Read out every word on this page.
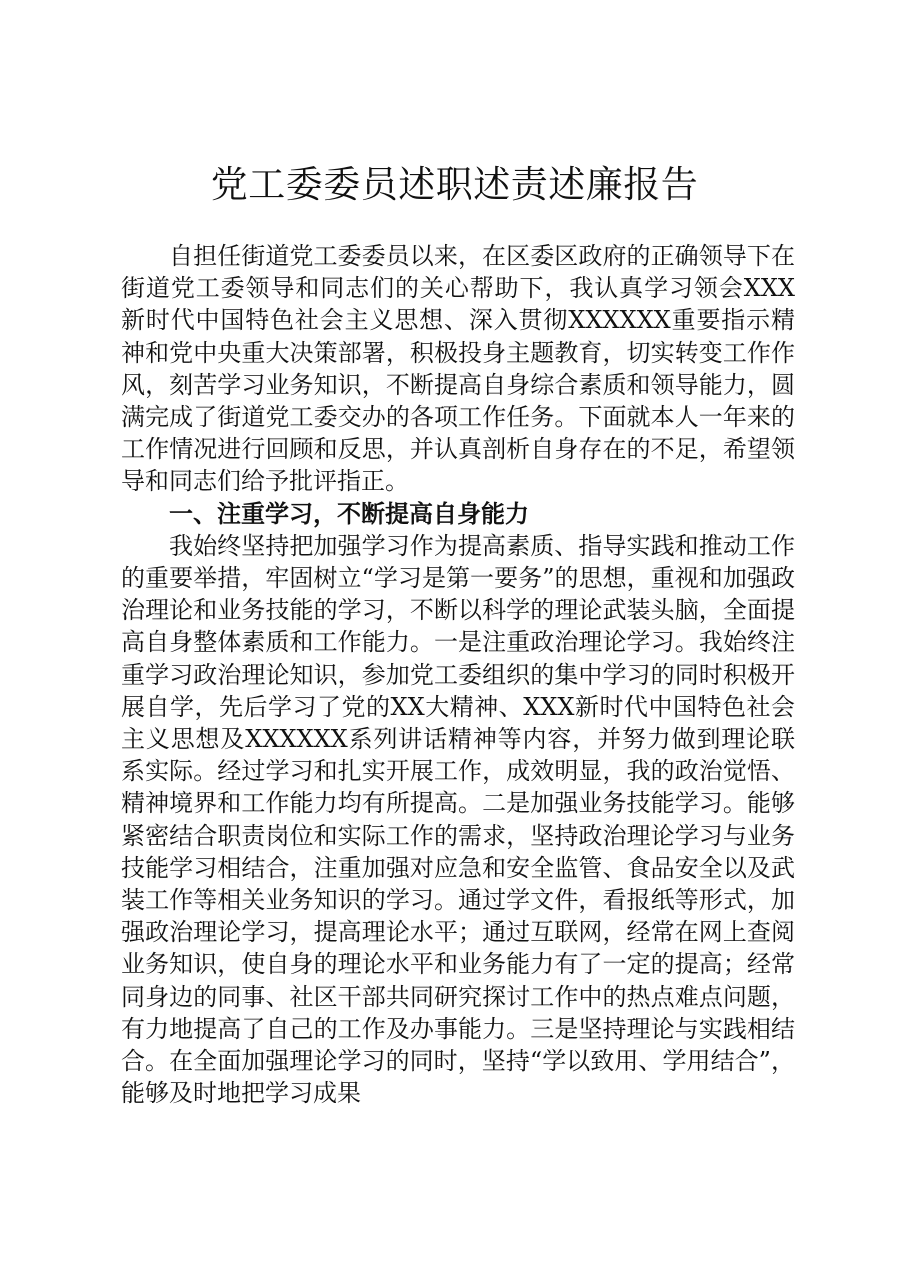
党工委委员述职述责述廉报告

自担任街道党工委委员以来，在区委区政府的正确领导下在街道党工委领导和同志们的关心帮助下，我认真学习领会XXX新时代中国特色社会主义思想、深入贯彻XXXXXX重要指示精神和党中央重大决策部署，积极投身主题教育，切实转变工作作风，刻苦学习业务知识，不断提高自身综合素质和领导能力，圆满完成了街道党工委交办的各项工作任务。下面就本人一年来的工作情况进行回顾和反思，并认真剖析自身存在的不足，希望领导和同志们给予批评指正。

一、注重学习，不断提高自身能力

我始终坚持把加强学习作为提高素质、指导实践和推动工作的重要举措，牢固树立“学习是第一要务”的思想，重视和加强政治理论和业务技能的学习，不断以科学的理论武装头脑，全面提高自身整体素质和工作能力。一是注重政治理论学习。我始终注重学习政治理论知识，参加党工委组织的集中学习的同时积极开展自学，先后学习了党的XX大精神、XXX新时代中国特色社会主义思想及XXXXXX系列讲话精神等内容，并努力做到理论联系实际。经过学习和扎实开展工作，成效明显，我的政治觉悟、精神境界和工作能力均有所提高。二是加强业务技能学习。能够紧密结合职责岗位和实际工作的需求，坚持政治理论学习与业务技能学习相结合，注重加强对应急和安全监管、食品安全以及武装工作等相关业务知识的学习。通过学文件，看报纸等形式，加强政治理论学习，提高理论水平；通过互联网，经常在网上查阅业务知识，使自身的理论水平和业务能力有了一定的提高；经常同身边的同事、社区干部共同研究探讨工作中的热点难点问题，有力地提高了自己的工作及办事能力。三是坚持理论与实践相结合。在全面加强理论学习的同时，坚持“学以致用、学用结合”，能够及时地把学习成果
